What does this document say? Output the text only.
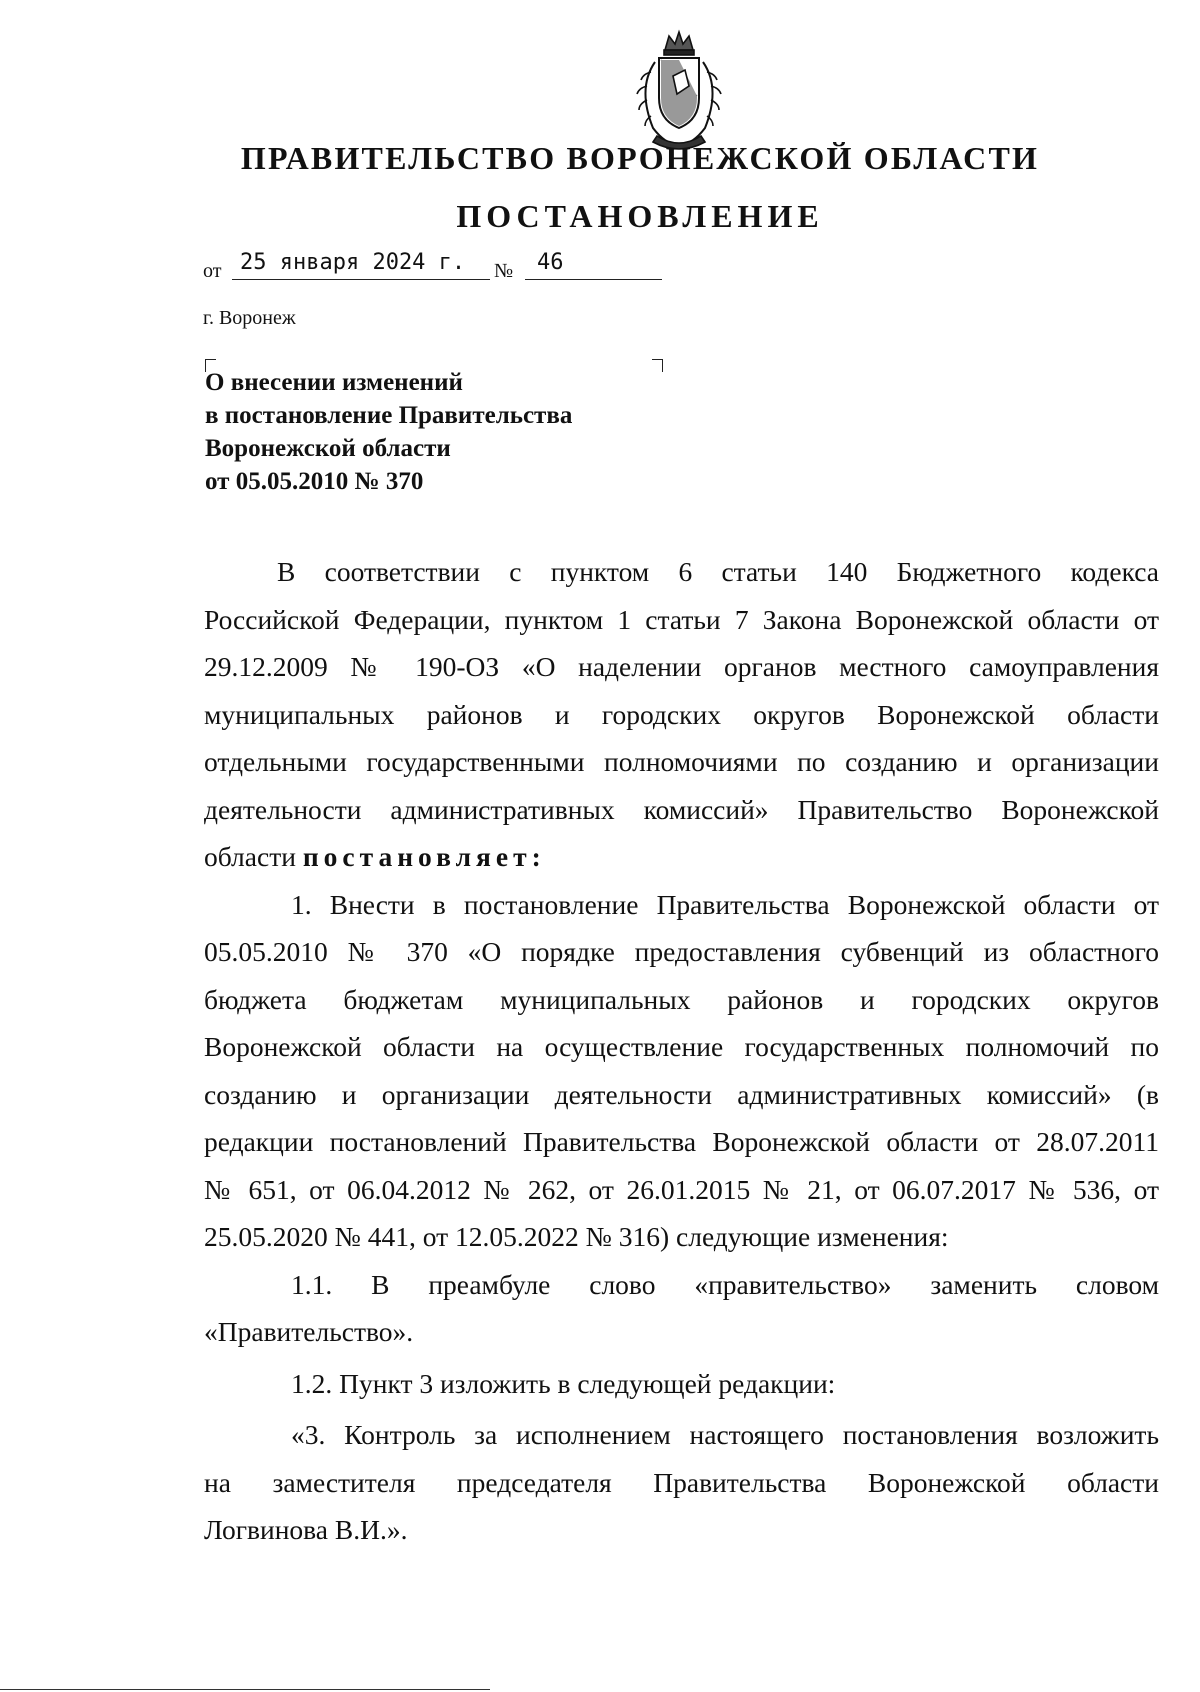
ПРАВИТЕЛЬСТВО ВОРОНЕЖСКОЙ ОБЛАСТИ
ПОСТАНОВЛЕНИЕ
от 25 января 2024 г. № 46
г. Воронеж
О внесении изменений
в постановление Правительства
Воронежской области
от 05.05.2010 № 370

В соответствии с пунктом 6 статьи 140 Бюджетного кодекса

Российской Федерации, пунктом 1 статьи 7 Закона Воронежской области от

29.12.2009 № 190-ОЗ «О наделении органов местного самоуправления

муниципальных районов и городских округов Воронежской области

отдельными государственными полномочиями по созданию и организации

деятельности административных комиссий» Правительство Воронежской

области постановляет:

1. Внести в постановление Правительства Воронежской области от

05.05.2010 № 370 «О порядке предоставления субвенций из областного

бюджета бюджетам муниципальных районов и городских округов

Воронежской области на осуществление государственных полномочий по

созданию и организации деятельности административных комиссий» (в

редакции постановлений Правительства Воронежской области от 28.07.2011

№ 651, от 06.04.2012 № 262, от 26.01.2015 № 21, от 06.07.2017 № 536, от

25.05.2020 № 441, от 12.05.2022 № 316) следующие изменения:

1.1. В преамбуле слово «правительство» заменить словом

«Правительство».

1.2. Пункт 3 изложить в следующей редакции:

«3. Контроль за исполнением настоящего постановления возложить

на заместителя председателя Правительства Воронежской области

Логвинова В.И.».
